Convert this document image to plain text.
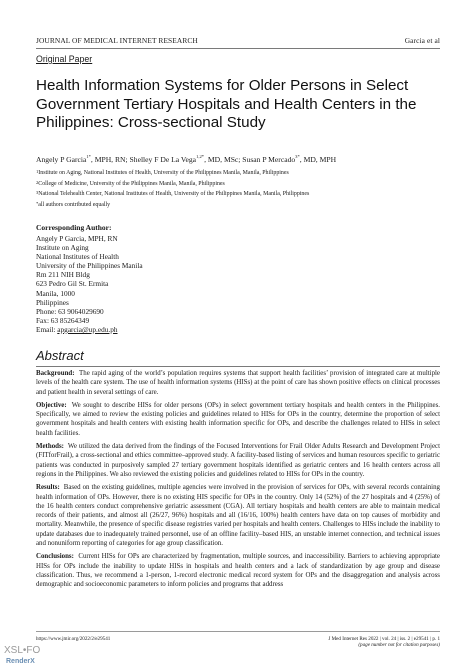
JOURNAL OF MEDICAL INTERNET RESEARCH	Garcia et al
Original Paper
Health Information Systems for Older Persons in Select
Government Tertiary Hospitals and Health Centers in the
Philippines: Cross-sectional Study
Angely P Garcia$^{1*}$, MPH, RN; Shelley F De La Vega$^{1,2*}$, MD, MSc; Susan P Mercado$^{3*}$, MD, MPH
$^1$Institute on Aging, National Institutes of Health, University of the Philippines Manila, Manila, Philippines
$^2$College of Medicine, University of the Philippines Manila, Manila, Philippines
$^3$National Telehealth Center, National Institutes of Health, University of the Philippines Manila, Manila, Philippines
*all authors contributed equally
Corresponding Author:
Angely P Garcia, MPH, RN
Institute on Aging
National Institutes of Health
University of the Philippines Manila
Rm 211 NIH Bldg
623 Pedro Gil St. Ermita
Manila, 1000
Philippines
Phone: 63 9064029690
Fax: 63 85264349
Email: apgarcia@up.edu.ph
Abstract
Background: The rapid aging of the world’s population requires systems that support health facilities’ provision of integrated care at multiple levels of the health care system. The use of health information systems (HISs) at the point of care has shown positive effects on clinical processes and patient health in several settings of care.
Objective: We sought to describe HISs for older persons (OPs) in select government tertiary hospitals and health centers in the Philippines. Specifically, we aimed to review the existing policies and guidelines related to HISs for OPs in the country, determine the proportion of select government hospitals and health centers with existing health information specific for OPs, and describe the challenges related to HISs in select health facilities.
Methods: We utilized the data derived from the findings of the Focused Interventions for Frail Older Adults Research and Development Project (FITforFrail), a cross-sectional and ethics committee–approved study. A facility-based listing of services and human resources specific to geriatric patients was conducted in purposively sampled 27 tertiary government hospitals identified as geriatric centers and 16 health centers across all regions in the Philippines. We also reviewed the existing policies and guidelines related to HISs for OPs in the country.
Results: Based on the existing guidelines, multiple agencies were involved in the provision of services for OPs, with several records containing health information of OPs. However, there is no existing HIS specific for OPs in the country. Only 14 (52%) of the 27 hospitals and 4 (25%) of the 16 health centers conduct comprehensive geriatric assessment (CGA). All tertiary hospitals and health centers are able to maintain medical records of their patients, and almost all (26/27, 96%) hospitals and all (16/16, 100%) health centers have data on top causes of morbidity and mortality. Meanwhile, the presence of specific disease registries varied per hospitals and health centers. Challenges to HISs include the inability to update databases due to inadequately trained personnel, use of an offline facility–based HIS, an unstable internet connection, and technical issues and nonuniform reporting of categories for age group classification.
Conclusions: Current HISs for OPs are characterized by fragmentation, multiple sources, and inaccessibility. Barriers to achieving appropriate HISs for OPs include the inability to update HISs in hospitals and health centers and a lack of standardization by age group and disease classification. Thus, we recommend a 1-person, 1-record electronic medical record system for OPs and the disaggregation and analysis across demographic and socioeconomic parameters to inform policies and programs that address
https://www.jmir.org/2022/2/e29541	J Med Internet Res 2022 | vol. 24 | iss. 2 | e29541 | p. 1
(page number not for citation purposes)
XSL•FO
RenderX
